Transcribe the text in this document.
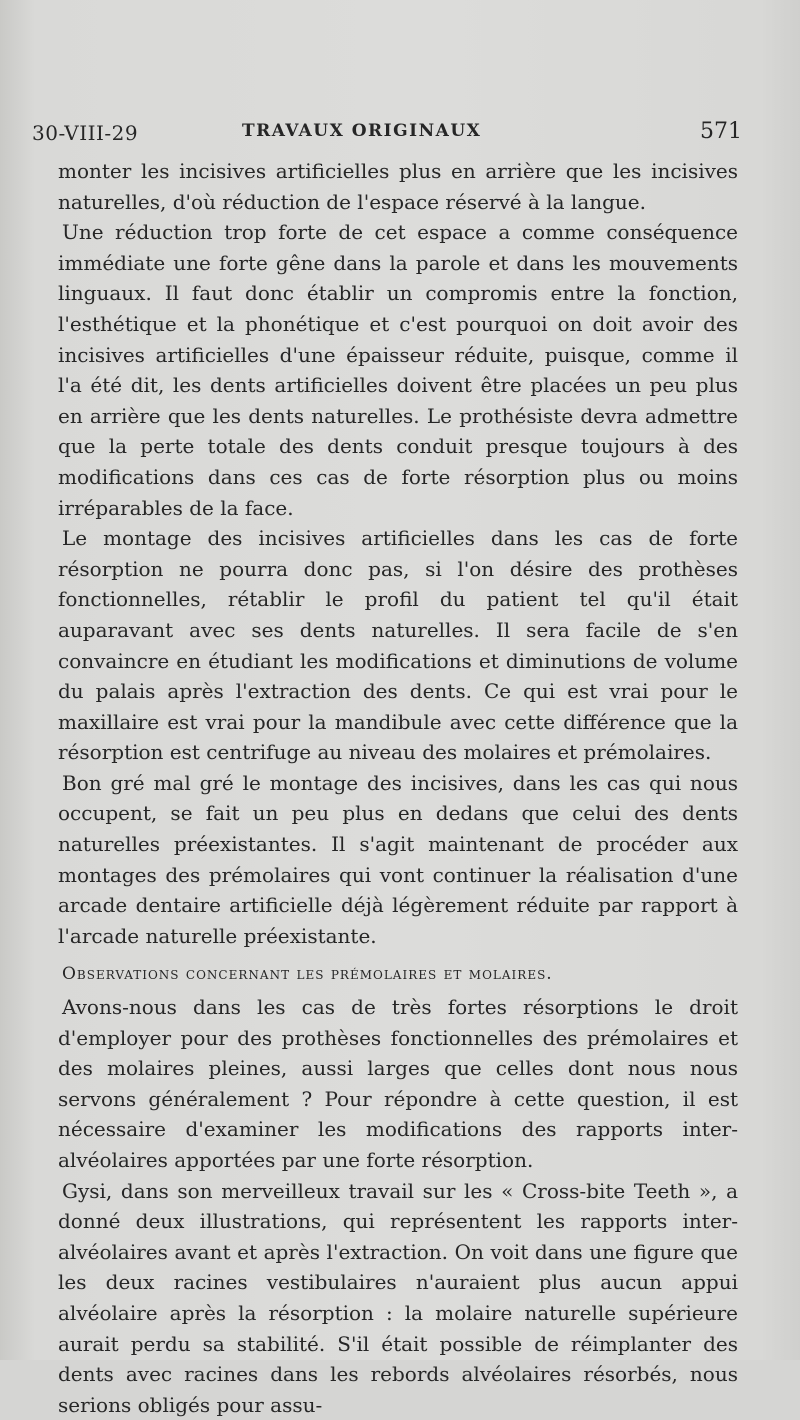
30-VIII-29	TRAVAUX ORIGINAUX	571

monter les incisives artificielles plus en arrière que les incisives naturelles, d'où réduction de l'espace réservé à la langue.

Une réduction trop forte de cet espace a comme conséquence immédiate une forte gêne dans la parole et dans les mouvements linguaux. Il faut donc établir un compromis entre la fonction, l'esthétique et la phonétique et c'est pourquoi on doit avoir des incisives artificielles d'une épaisseur réduite, puisque, comme il l'a été dit, les dents artificielles doivent être placées un peu plus en arrière que les dents naturelles. Le prothésiste devra admettre que la perte totale des dents conduit presque toujours à des modifications dans ces cas de forte résorption plus ou moins irréparables de la face.

Le montage des incisives artificielles dans les cas de forte résorption ne pourra donc pas, si l'on désire des prothèses fonctionnelles, rétablir le profil du patient tel qu'il était auparavant avec ses dents naturelles. Il sera facile de s'en convaincre en étudiant les modifications et diminutions de volume du palais après l'extraction des dents. Ce qui est vrai pour le maxillaire est vrai pour la mandibule avec cette différence que la résorption est centrifuge au niveau des molaires et prémolaires.

Bon gré mal gré le montage des incisives, dans les cas qui nous occupent, se fait un peu plus en dedans que celui des dents naturelles préexistantes. Il s'agit maintenant de procéder aux montages des prémolaires qui vont continuer la réalisation d'une arcade dentaire artificielle déjà légèrement réduite par rapport à l'arcade naturelle préexistante.

Observations concernant les prémolaires et molaires.

Avons-nous dans les cas de très fortes résorptions le droit d'employer pour des prothèses fonctionnelles des prémolaires et des molaires pleines, aussi larges que celles dont nous nous servons généralement ? Pour répondre à cette question, il est nécessaire d'examiner les modifications des rapports inter-alvéolaires apportées par une forte résorption.

Gysi, dans son merveilleux travail sur les « Cross-bite Teeth », a donné deux illustrations, qui représentent les rapports inter-alvéolaires avant et après l'extraction. On voit dans une figure que les deux racines vestibulaires n'auraient plus aucun appui alvéolaire après la résorption : la molaire naturelle supérieure aurait perdu sa stabilité. S'il était possible de réimplanter des dents avec racines dans les rebords alvéolaires résorbés, nous serions obligés pour assu-
